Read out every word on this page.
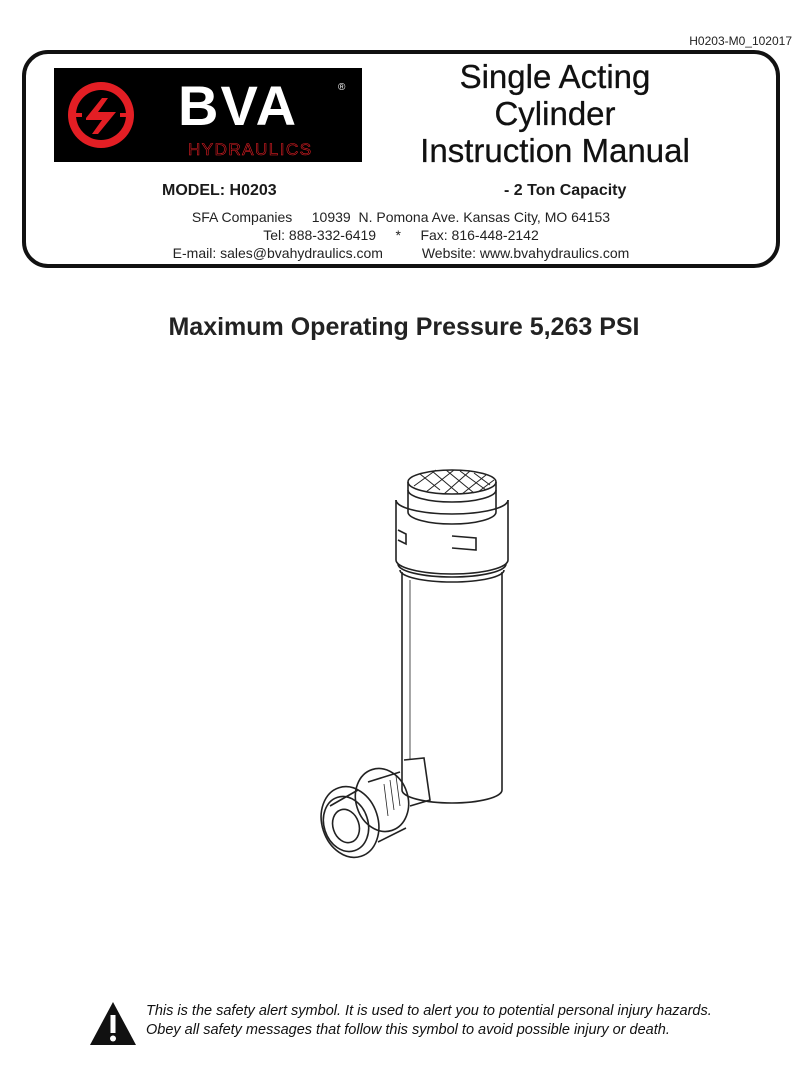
H0203-M0_102017
BVA	®
HYDRAULICS
Single Acting
Cylinder
Instruction Manual
MODEL: H0203	- 2 Ton Capacity
SFA Companies     10939  N. Pomona Ave. Kansas City, MO 64153
Tel: 888-332-6419     *     Fax: 816-448-2142
E-mail: sales@bvahydraulics.com          Website: www.bvahydraulics.com
Maximum Operating Pressure 5,263 PSI
This is the safety alert symbol. It is used to alert you to potential personal injury hazards.
Obey all safety messages that follow this symbol to avoid possible injury or death.
